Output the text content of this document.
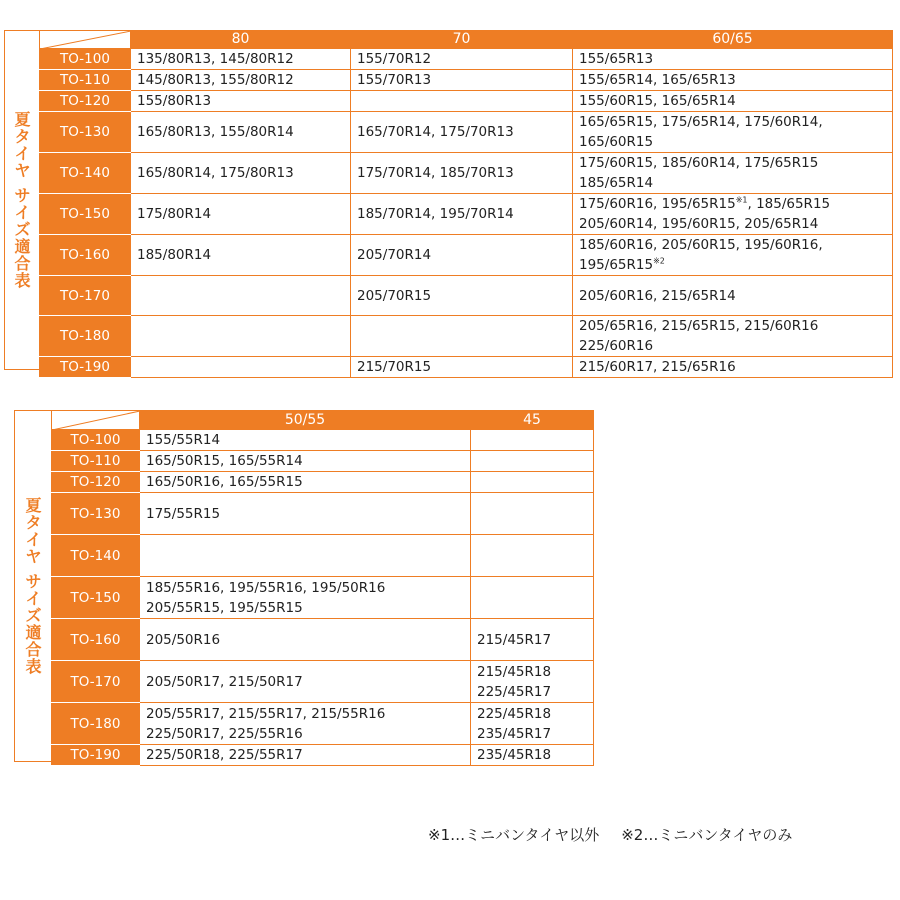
夏
タ
イ
ヤ
サ
イ
ズ
適
合
表
	80	70	60/65
TO-100	135/80R13, 145/80R12	155/70R12	155/65R13

TO-110	145/80R13, 155/80R12	155/70R13	155/65R14, 165/65R13

TO-120	155/80R13		155/60R15, 165/65R14

TO-130	165/80R13, 155/80R14	165/70R14, 175/70R13	165/65R15, 175/65R14, 175/60R14,
165/60R15

TO-140	165/80R14, 175/80R13	175/70R14, 185/70R13	175/60R15, 185/60R14, 175/65R15
185/65R14

TO-150	175/80R14	185/70R14, 195/70R14	175/60R16, 195/65R15$^{※1}$, 185/65R15
205/60R14, 195/60R15, 205/65R14

TO-160	185/80R14	205/70R14	185/60R16, 205/60R15, 195/60R16,
195/65R15$^{※2}$

TO-170		205/70R15	205/60R16, 215/65R14

TO-180			205/65R16, 215/65R15, 215/60R16
225/60R16

TO-190		215/70R15	215/60R17, 215/65R16
夏
タ
イ
ヤ
サ
イ
ズ
適
合
表
	50/55	45
TO-100	155/55R14	

TO-110	165/50R15, 165/55R14	

TO-120	165/50R16, 165/55R15	

TO-130	175/55R15	

TO-140		
TO-150	185/55R16, 195/55R16, 195/50R16
205/55R15, 195/55R15	

TO-160	205/50R16	215/45R17

TO-170	205/50R17, 215/50R17	215/45R18
225/45R17

TO-180	205/55R17, 215/55R17, 215/55R16
225/50R17, 225/55R16	225/45R18
235/45R17

TO-190	225/50R18, 225/55R17	235/45R18
※1…ミニバンタイヤ以外 ※2…ミニバンタイヤのみ
